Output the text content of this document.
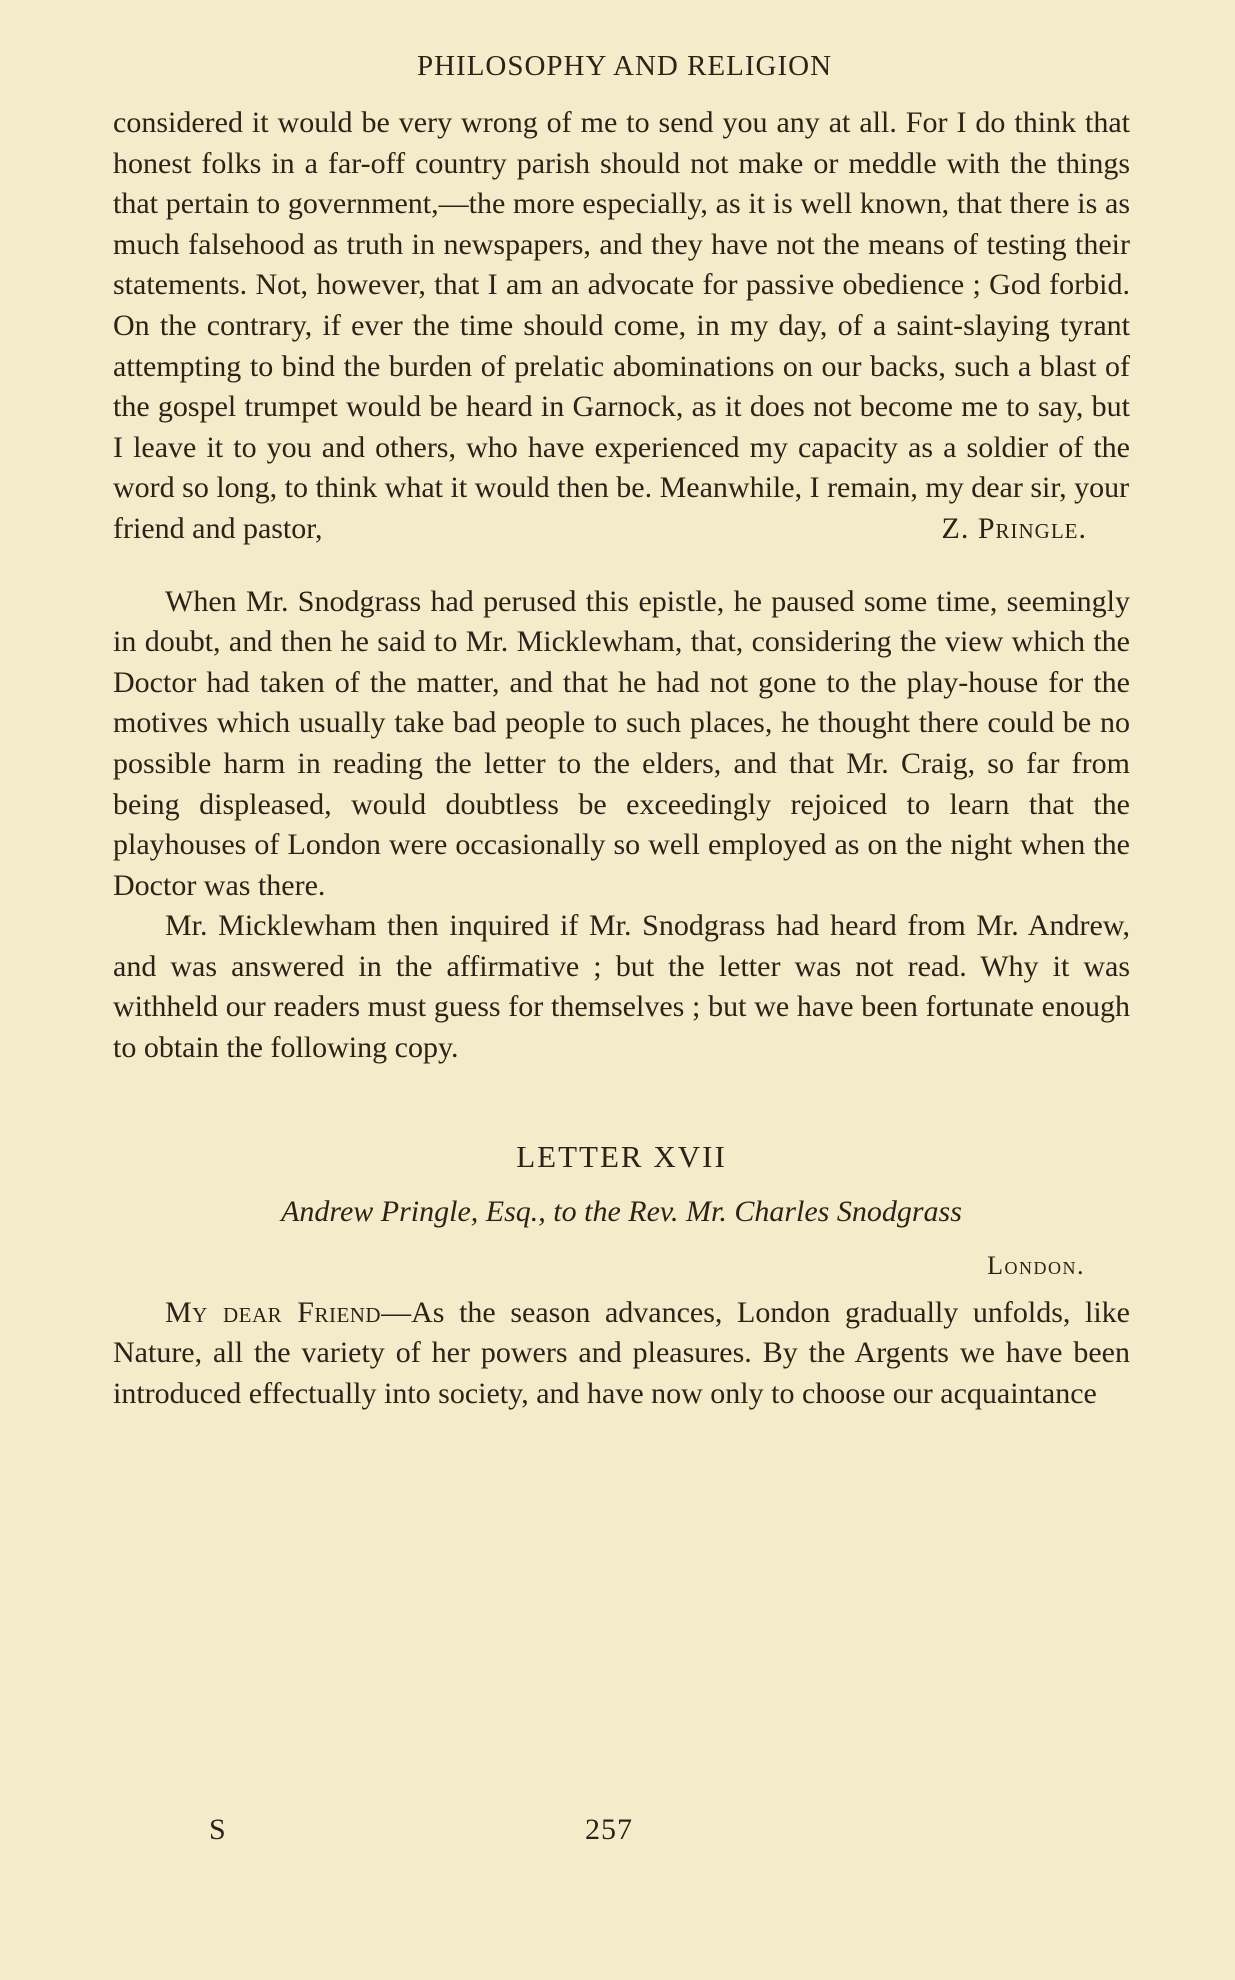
PHILOSOPHY AND RELIGION

considered it would be very wrong of me to send you any at all. For I do think that honest folks in a far-off country parish should not make or meddle with the things that pertain to government,—the more especially, as it is well known, that there is as much falsehood as truth in newspapers, and they have not the means of testing their statements. Not, however, that I am an advocate for passive obedience ; God forbid. On the contrary, if ever the time should come, in my day, of a saint-slaying tyrant attempting to bind the burden of prelatic abominations on our backs, such a blast of the gospel trumpet would be heard in Garnock, as it does not become me to say, but I leave it to you and others, who have experienced my capacity as a soldier of the word so long, to think what it would then be. Meanwhile, I remain, my dear sir, your

friend and pastor,	Z. Pringle.

When Mr. Snodgrass had perused this epistle, he paused some time, seemingly in doubt, and then he said to Mr. Micklewham, that, considering the view which the Doctor had taken of the matter, and that he had not gone to the play-house for the motives which usually take bad people to such places, he thought there could be no possible harm in reading the letter to the elders, and that Mr. Craig, so far from being displeased, would doubtless be exceedingly rejoiced to learn that the playhouses of London were occasionally so well employed as on the night when the Doctor was there.

Mr. Micklewham then inquired if Mr. Snodgrass had heard from Mr. Andrew, and was answered in the affirmative ; but the letter was not read. Why it was withheld our readers must guess for themselves ; but we have been fortunate enough to obtain the following copy.

LETTER XVII
Andrew Pringle, Esq., to the Rev. Mr. Charles Snodgrass
London.

My dear Friend—As the season advances, London gradually unfolds, like Nature, all the variety of her powers and pleasures. By the Argents we have been introduced effectually into society, and have now only to choose our acquaintance

S	257
